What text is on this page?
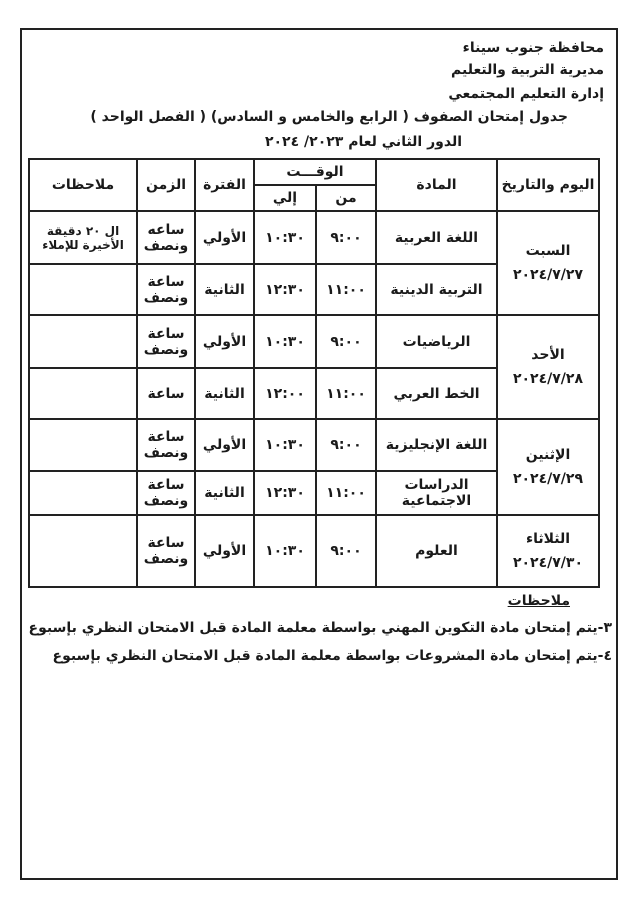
محافظة جنوب سيناء
مديرية التربية والتعليم
إدارة التعليم المجتمعي
جدول إمتحان الصفوف ( الرابع والخامس و السادس) ( الفصل الواحد )
الدور الثاني لعام ٢٠٢٣/ ٢٠٢٤
اليوم والتاريخ	المادة	الوقـــت		الفترة	الزمن	ملاحظات
		من	إلي			

السبت
٢٠٢٤/٧/٢٧	اللغة العربية	٩:٠٠	١٠:٣٠	الأولي	ساعه ونصف	ال ٢٠ دقيقة الأخيرة للإملاء
	التربية الدينية	١١:٠٠	١٢:٣٠	الثانية	ساعة ونصف	

الأحد
٢٠٢٤/٧/٢٨	الرياضيات	٩:٠٠	١٠:٣٠	الأولي	ساعة ونصف	
	الخط العربي	١١:٠٠	١٢:٠٠	الثانية	ساعة	

الإثنين
٢٠٢٤/٧/٢٩	اللغة الإنجليزية	٩:٠٠	١٠:٣٠	الأولي	ساعة ونصف	
	الدراسات الاجتماعية	١١:٠٠	١٢:٣٠	الثانية	ساعة ونصف	

الثلاثاء
٢٠٢٤/٧/٣٠	العلوم	٩:٠٠	١٠:٣٠	الأولي	ساعة ونصف	
ملاحظات
٣-يتم إمتحان مادة التكوين المهني بواسطة معلمة المادة قبل الامتحان النظري بإسبوع
٤-يتم إمتحان مادة المشروعات بواسطة معلمة المادة قبل الامتحان النظري بإسبوع
